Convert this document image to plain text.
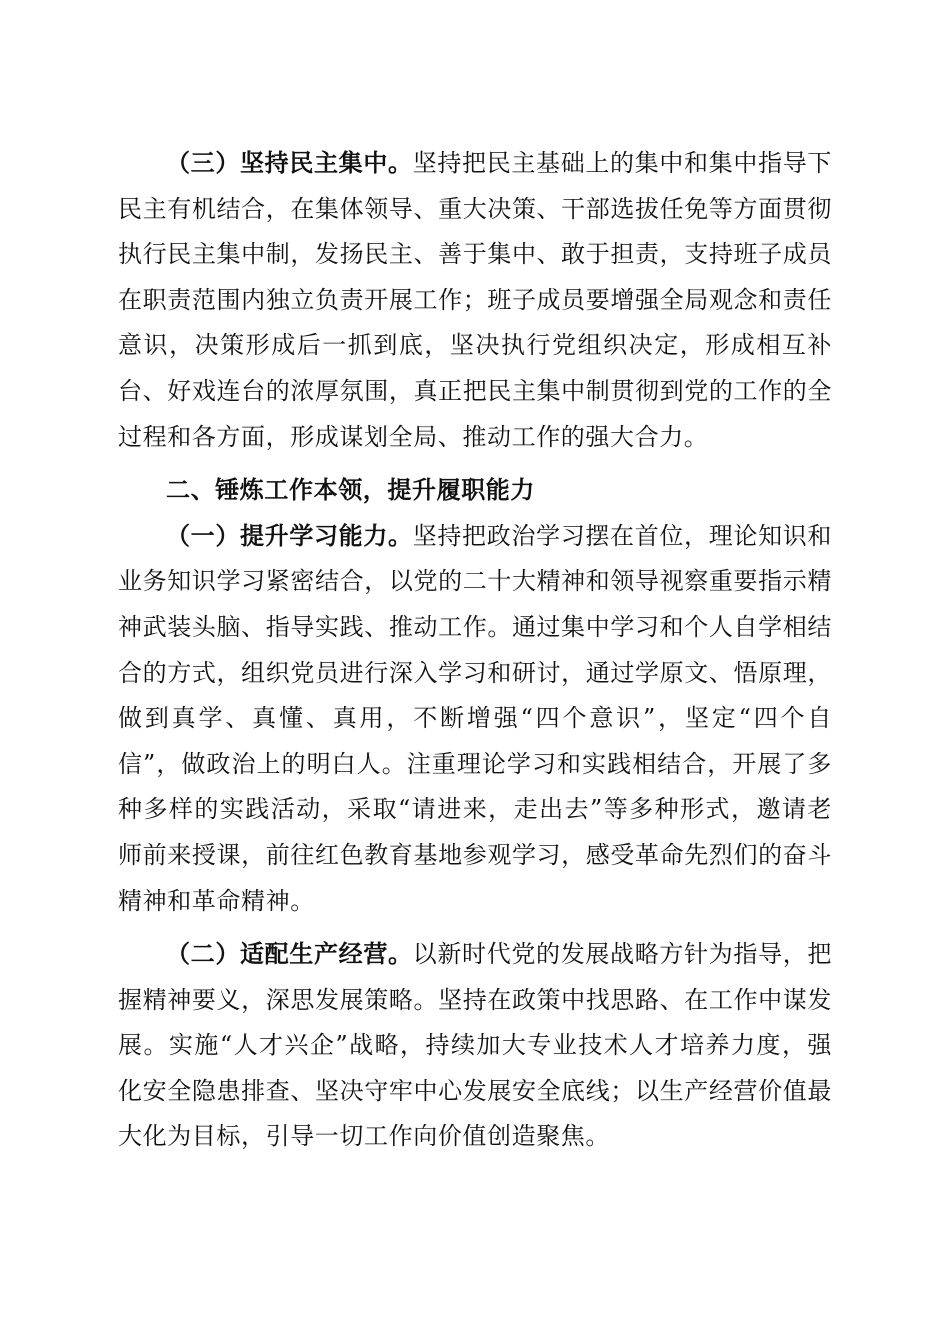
（三）坚持民主集中。坚持把民主基础上的集中和集中指导下民主有机结合，在集体领导、重大决策、干部选拔任免等方面贯彻执行民主集中制，发扬民主、善于集中、敢于担责，支持班子成员在职责范围内独立负责开展工作；班子成员要增强全局观念和责任意识，决策形成后一抓到底，坚决执行党组织决定，形成相互补台、好戏连台的浓厚氛围，真正把民主集中制贯彻到党的工作的全过程和各方面，形成谋划全局、推动工作的强大合力。

二、锤炼工作本领，提升履职能力

（一）提升学习能力。坚持把政治学习摆在首位，理论知识和业务知识学习紧密结合，以党的二十大精神和领导视察重要指示精神武装头脑、指导实践、推动工作。通过集中学习和个人自学相结合的方式，组织党员进行深入学习和研讨，通过学原文、悟原理，做到真学、真懂、真用，不断增强“四个意识”，坚定“四个自信”，做政治上的明白人。注重理论学习和实践相结合，开展了多种多样的实践活动，采取“请进来，走出去”等多种形式，邀请老师前来授课，前往红色教育基地参观学习，感受革命先烈们的奋斗精神和革命精神。

（二）适配生产经营。以新时代党的发展战略方针为指导，把握精神要义，深思发展策略。坚持在政策中找思路、在工作中谋发展。实施“人才兴企”战略，持续加大专业技术人才培养力度，强化安全隐患排查、坚决守牢中心发展安全底线；以生产经营价值最大化为目标，引导一切工作向价值创造聚焦。
